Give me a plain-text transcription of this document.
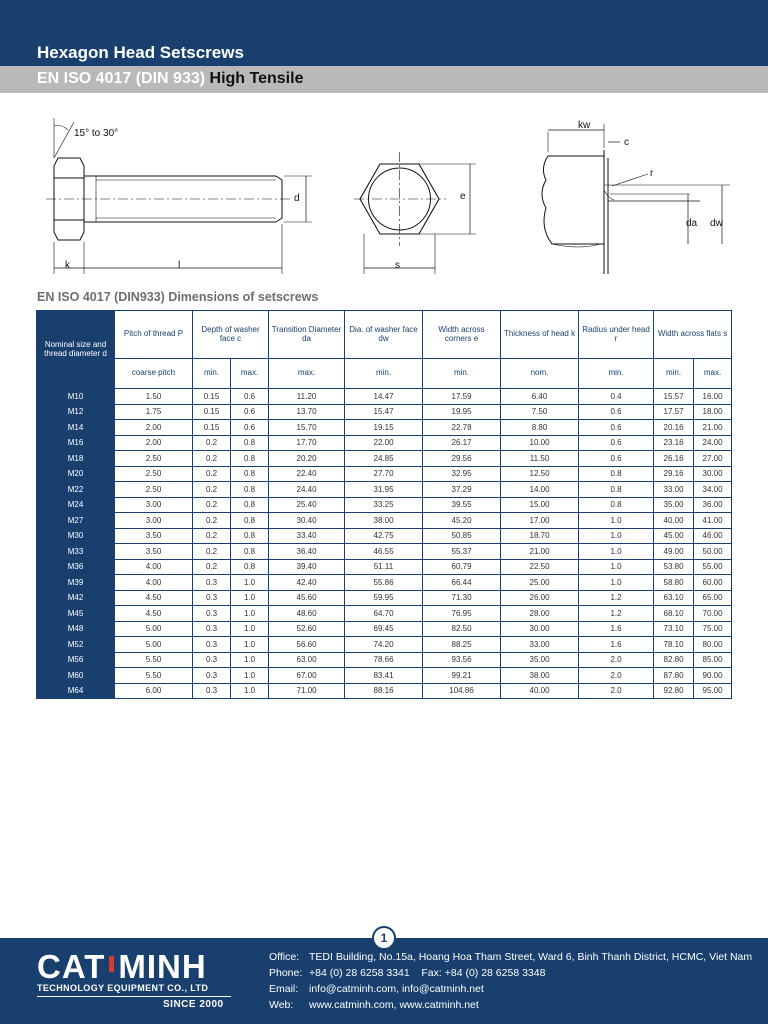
Hexagon Head Setscrews
EN ISO 4017 (DIN 933) High Tensile
15° to 30°
d
k	l
e
s
kw
c
r
da dw
EN ISO 4017 (DIN933) Dimensions of setscrews
Nominal size and thread diameter d	Pitch of thread P	Depth of washer face c		Transition Diameter da	Dia. of washer face dw	Width across corners e	Thickness of head k	Radius under head r	Width across flats s	
	coarse pitch	min.	max.	max.	min.	min.	nom.	min.	min.	max.
M10	1.50	0.15	0.6	11.20	14.47	17.59	6.40	0.4	15.57	16.00
M12	1.75	0.15	0.6	13.70	15.47	19.95	7.50	0.6	17.57	18.00
M14	2.00	0.15	0.6	15.70	19.15	22.78	8.80	0.6	20.16	21.00
M16	2.00	0.2	0.8	17.70	22.00	26.17	10.00	0.6	23.16	24.00
M18	2.50	0.2	0.8	20.20	24.85	29.56	11.50	0.6	26.16	27.00
M20	2.50	0.2	0.8	22.40	27.70	32.95	12.50	0.8	29.16	30.00
M22	2.50	0.2	0.8	24.40	31.95	37.29	14.00	0.8	33.00	34.00
M24	3.00	0.2	0.8	25.40	33.25	39.55	15.00	0.8	35.00	36.00
M27	3.00	0.2	0.8	30.40	38.00	45.20	17.00	1.0	40.00	41.00
M30	3.50	0.2	0.8	33.40	42.75	50.85	18.70	1.0	45.00	46.00
M33	3.50	0.2	0.8	36.40	46.55	55.37	21.00	1.0	49.00	50.00
M36	4.00	0.2	0.8	39.40	51.11	60.79	22.50	1.0	53.80	55.00
M39	4.00	0.3	1.0	42.40	55.86	66.44	25.00	1.0	58.80	60.00
M42	4.50	0.3	1.0	45.60	59.95	71.30	26.00	1.2	63.10	65.00
M45	4.50	0.3	1.0	48.60	64.70	76.95	28.00	1.2	68.10	70.00
M48	5.00	0.3	1.0	52.60	69.45	82.50	30.00	1.6	73.10	75.00
M52	5.00	0.3	1.0	56.60	74.20	88.25	33.00	1.6	78.10	80.00
M56	5.50	0.3	1.0	63.00	78.66	93.56	35.00	2.0	82.80	85.00
M60	5.50	0.3	1.0	67.00	83.41	99.21	38.00	2.0	87.80	90.00
M64	6.00	0.3	1.0	71.00	88.16	104.86	40.00	2.0	92.80	95.00
1
CAT MINH
TECHNOLOGY EQUIPMENT CO., LTD
SINCE 2000
Office: TEDI Building, No.15a, Hoang Hoa Tham Street, Ward 6, Binh Thanh District, HCMC, Viet Nam
Phone: +84 (0) 28 6258 3341 Fax: +84 (0) 28 6258 3348
Email: info@catminh.com, info@catminh.net
Web: www.catminh.com, www.catminh.net
